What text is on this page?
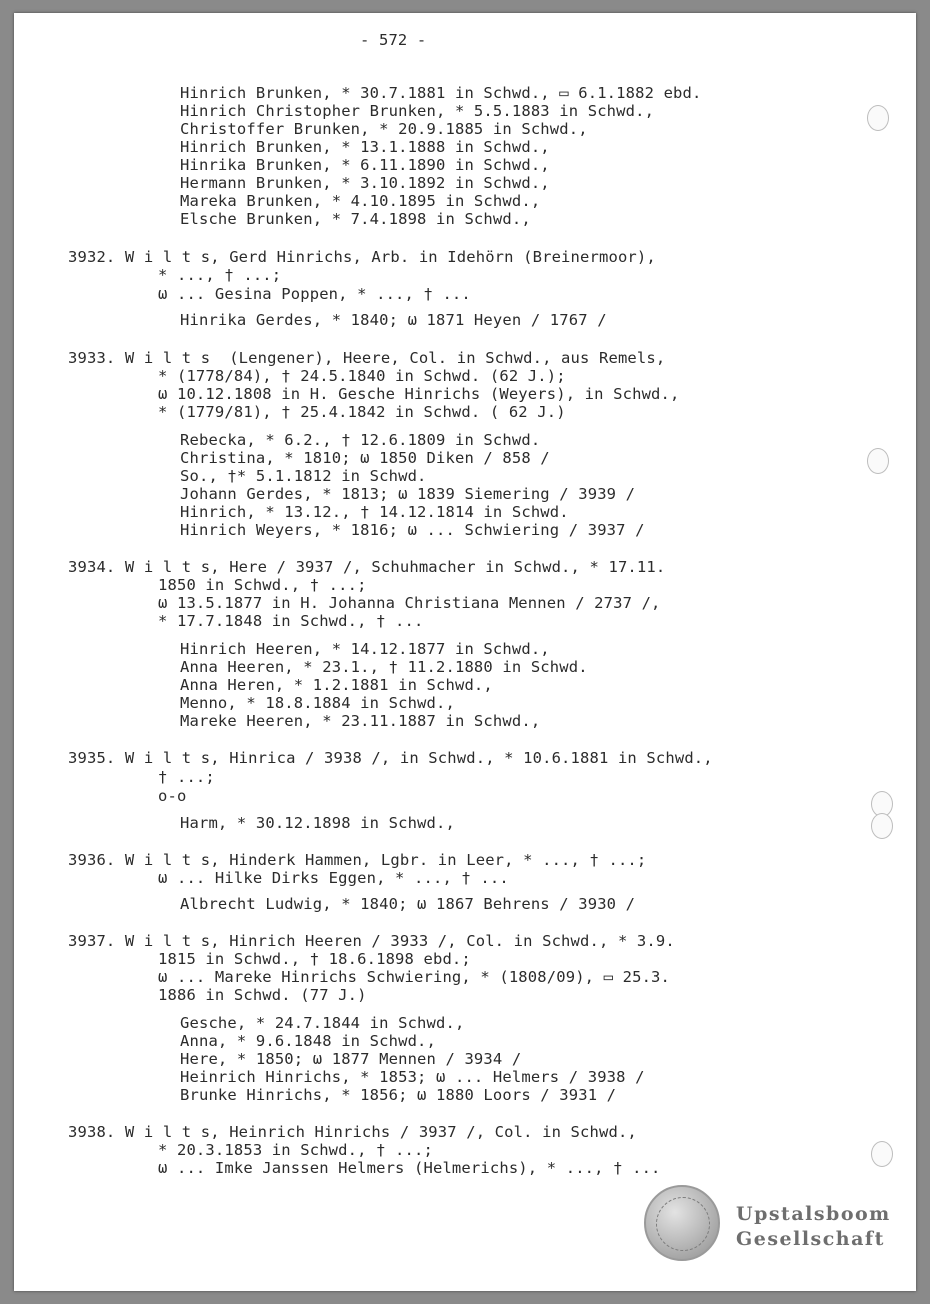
- 572 -
Hinrich Brunken, * 30.7.1881 in Schwd., ▭ 6.1.1882 ebd.
Hinrich Christopher Brunken, * 5.5.1883 in Schwd.,
Christoffer Brunken, * 20.9.1885 in Schwd.,
Hinrich Brunken, * 13.1.1888 in Schwd.,
Hinrika Brunken, * 6.11.1890 in Schwd.,
Hermann Brunken, * 3.10.1892 in Schwd.,
Mareka Brunken, * 4.10.1895 in Schwd.,
Elsche Brunken, * 7.4.1898 in Schwd.,
3932. W i l t s, Gerd Hinrichs, Arb. in Idehörn (Breinermoor),
* ..., † ...;
ω ... Gesina Poppen, * ..., † ...
Hinrika Gerdes, * 1840; ω 1871 Heyen / 1767 /
3933. W i l t s  (Lengener), Heere, Col. in Schwd., aus Remels,
* (1778/84), † 24.5.1840 in Schwd. (62 J.);
ω 10.12.1808 in H. Gesche Hinrichs (Weyers), in Schwd.,
* (1779/81), † 25.4.1842 in Schwd. ( 62 J.)
Rebecka, * 6.2., † 12.6.1809 in Schwd.
Christina, * 1810; ω 1850 Diken / 858 /
So., †* 5.1.1812 in Schwd.
Johann Gerdes, * 1813; ω 1839 Siemering / 3939 /
Hinrich, * 13.12., † 14.12.1814 in Schwd.
Hinrich Weyers, * 1816; ω ... Schwiering / 3937 /
3934. W i l t s, Here / 3937 /, Schuhmacher in Schwd., * 17.11.
1850 in Schwd., † ...;
ω 13.5.1877 in H. Johanna Christiana Mennen / 2737 /,
* 17.7.1848 in Schwd., † ...
Hinrich Heeren, * 14.12.1877 in Schwd.,
Anna Heeren, * 23.1., † 11.2.1880 in Schwd.
Anna Heren, * 1.2.1881 in Schwd.,
Menno, * 18.8.1884 in Schwd.,
Mareke Heeren, * 23.11.1887 in Schwd.,
3935. W i l t s, Hinrica / 3938 /, in Schwd., * 10.6.1881 in Schwd.,
† ...;
o-o
Harm, * 30.12.1898 in Schwd.,
3936. W i l t s, Hinderk Hammen, Lgbr. in Leer, * ..., † ...;
ω ... Hilke Dirks Eggen, * ..., † ...
Albrecht Ludwig, * 1840; ω 1867 Behrens / 3930 /
3937. W i l t s, Hinrich Heeren / 3933 /, Col. in Schwd., * 3.9.
1815 in Schwd., † 18.6.1898 ebd.;
ω ... Mareke Hinrichs Schwiering, * (1808/09), ▭ 25.3.
1886 in Schwd. (77 J.)
Gesche, * 24.7.1844 in Schwd.,
Anna, * 9.6.1848 in Schwd.,
Here, * 1850; ω 1877 Mennen / 3934 /
Heinrich Hinrichs, * 1853; ω ... Helmers / 3938 /
Brunke Hinrichs, * 1856; ω 1880 Loors / 3931 /
3938. W i l t s, Heinrich Hinrichs / 3937 /, Col. in Schwd.,
* 20.3.1853 in Schwd., † ...;
ω ... Imke Janssen Helmers (Helmerichs), * ..., † ...
Upstalsboom
Gesellschaft
